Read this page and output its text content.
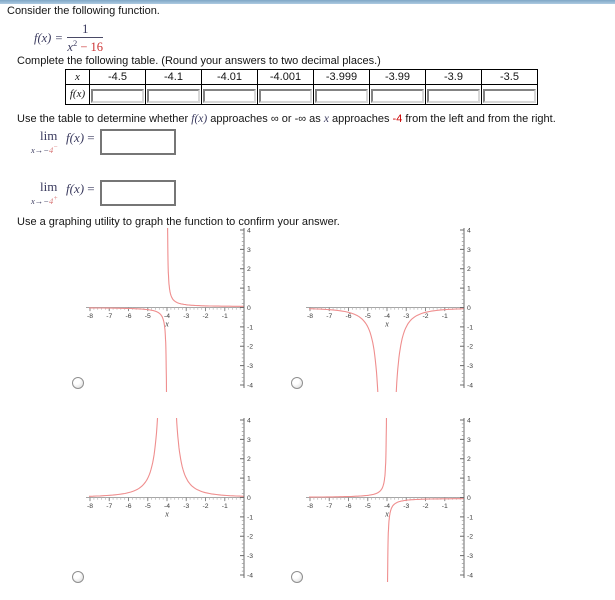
Consider the following function.
$f(x) = \frac{1}{x^2 - 16}$
Complete the following table. (Round your answers to two decimal places.)
x	-4.5	-4.1	-4.01	-4.001	-3.999	-3.99	-3.9	-3.5
f(x)								
Use the table to determine whether f(x) approaches ∞ or -∞ as x approaches -4 from the left and from the right.
lim
x→−4−
f(x) =
lim
x→−4+
f(x) =
Use a graphing utility to graph the function to confirm your answer.
-8 -7 -6 -5 -4 -3 -2 -1
x
4
3
2
1
0
-1
-2
-3
-4
-8 -7 -6 -5 -4 -3 -2 -1
x
4
3
2
1
0
-1
-2
-3
-4
-8 -7 -6 -5 -4 -3 -2 -1
x
4
3
2
1
0
-1
-2
-3
-4
-8 -7 -6 -5 -4 -3 -2 -1
x
4
3
2
1
0
-1
-2
-3
-4
